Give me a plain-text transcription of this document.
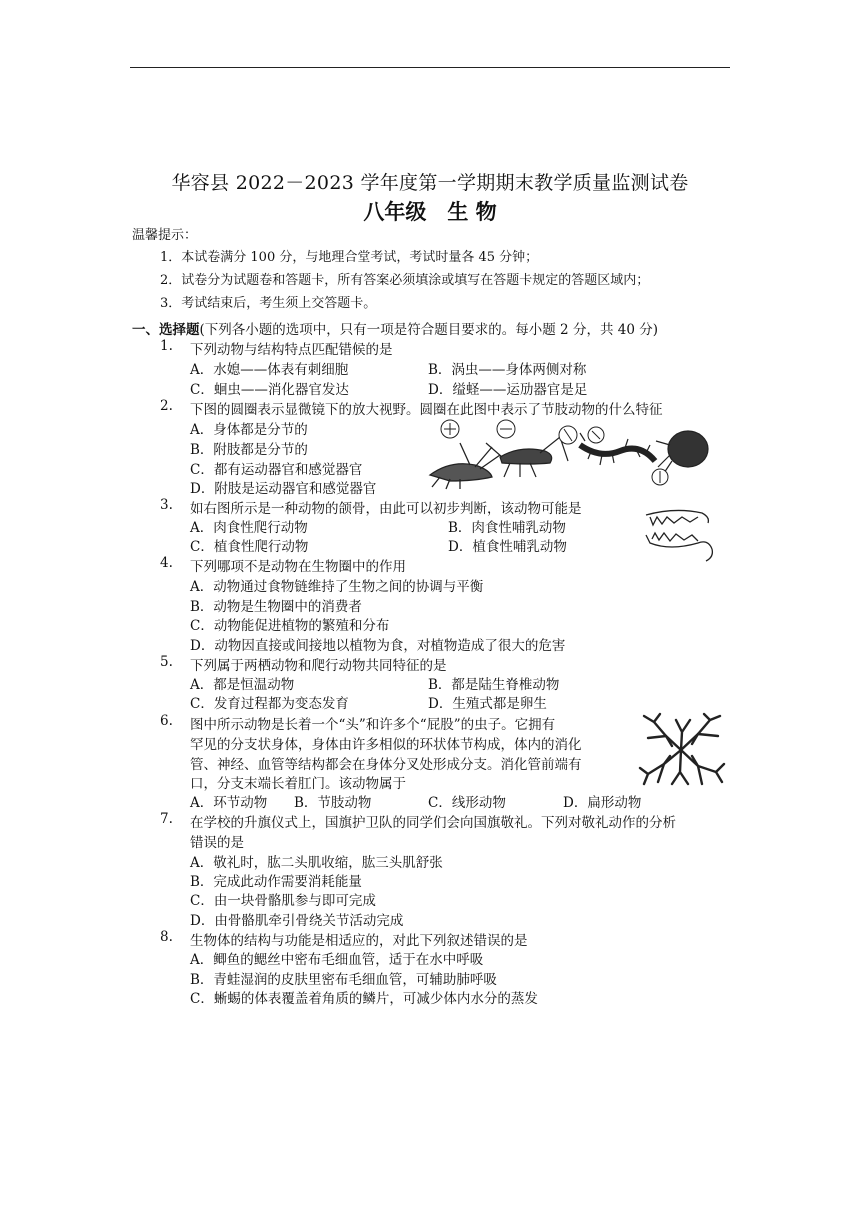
华容县 2022－2023 学年度第一学期期末教学质量监测试卷
八年级　生 物
温馨提示：
1．本试卷满分 100 分，与地理合堂考试，考试时量各 45 分钟；
2．试卷分为试题卷和答题卡，所有答案必须填涂或填写在答题卡规定的答题区域内；
3．考试结束后，考生须上交答题卡。
一、选择题(下列各小题的选项中，只有一项是符合题目要求的。每小题 2 分，共 40 分)
1. 下列动物与结构特点匹配错候的是
A．水媳——体表有刺细胞	B．涡虫——身体两侧对称
C．蛔虫——消化器官发达	D．缢蛏——运劢器官是足
2. 下图的圆圈表示显微镜下的放大视野。圆圈在此图中表示了节肢动物的什么特征
A．身体都是分节的
B．附肢都是分节的
C．都有运动器官和感觉器官
D．附肢是运动器官和感觉器官
3. 如右图所示是一种动物的颌骨，由此可以初步判断，该动物可能是
A．肉食性爬行动物	B．肉食性哺乳动物
C．植食性爬行动物	D．植食性哺乳动物
4. 下列哪项不是动物在生物圈中的作用
A．动物通过食物链维持了生物之间的协调与平衡
B．动物是生物圈中的消费者
C．动物能促进植物的繁殖和分布
D．动物因直接或间接地以植物为食，对植物造成了很大的危害
5. 下列属于两栖动物和爬行动物共同特征的是
A．都是恒温动物	B．都是陆生脊椎动物
C．发育过程都为变态发育	D．生殖式都是卵生
6. 图中所示动物是长着一个“头”和许多个“屁股”的虫子。它拥有
罕见的分支状身体，身体由许多相似的环状体节构成，体内的消化
管、神经、血管等结构都会在身体分叉处形成分支。消化管前端有
口，分支末端长着肛门。该动物属于
A．环节动物 B．节肢动物	C．线形动物	D．扁形动物
7. 在学校的升旗仪式上，国旗护卫队的同学们会向国旗敬礼。下列对敬礼动作的分析
错误的是
A．敬礼时，肱二头肌收缩，肱三头肌舒张
B．完成此动作需要消耗能量
C．由一块骨骼肌参与即可完成
D．由骨骼肌牵引骨绕关节活动完成
8. 生物体的结构与功能是相适应的，对此下列叙述错误的是
A．鲫鱼的鳃丝中密布毛细血管，适于在水中呼吸
B．青蛙湿润的皮肤里密布毛细血管，可辅助肺呼吸
C．蜥蜴的体表覆盖着角质的鳞片，可减少体内水分的蒸发
